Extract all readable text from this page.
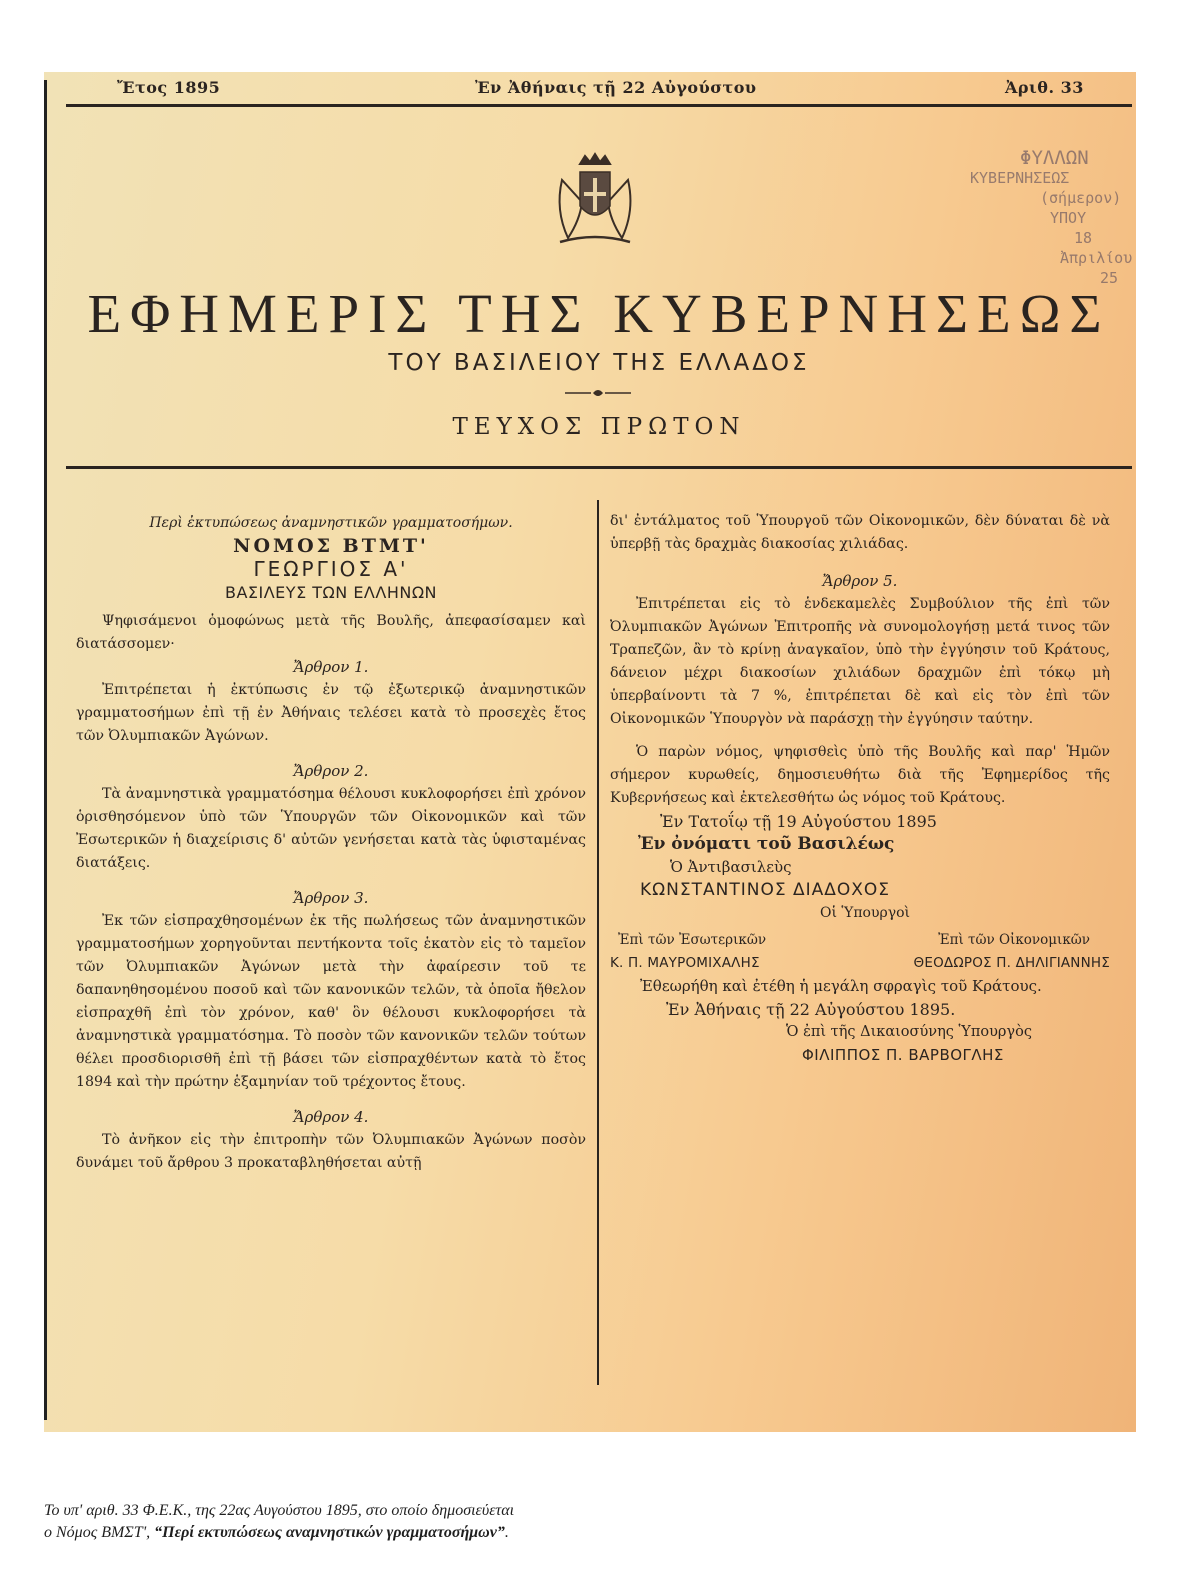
Ἔτος 1895	Ἐν Ἀθήναις τῇ 22 Αὐγούστου	Ἀριθ. 33
ΦΥΛΛΩΝ
ΚΥΒΕΡΝΗΣΕΩΣ
(σήμερον)
ΥΠΟΥ
18
Ἀπριλίου
25
ΕΦΗΜΕΡΙΣ ΤΗΣ ΚΥΒΕΡΝΗΣΕΩΣ
ΤΟΥ ΒΑΣΙΛΕΙΟΥ ΤΗΣ ΕΛΛΑΔΟΣ
ΤΕΥΧΟΣ ΠΡΩΤΟΝ

Περὶ ἐκτυπώσεως ἀναμνηστικῶν γραμματοσήμων.

ΝΟΜΟΣ ΒΤΜΤ'

ΓΕΩΡΓΙΟΣ Α'

ΒΑΣΙΛΕΥΣ ΤΩΝ ΕΛΛΗΝΩΝ

Ψηφισάμενοι ὁμοφώνως μετὰ τῆς Βουλῆς, ἀπεφασίσαμεν καὶ διατάσσομεν·

Ἄρθρον 1.

Ἐπιτρέπεται ἡ ἐκτύπωσις ἐν τῷ ἐξωτερικῷ ἀναμνηστικῶν γραμματοσήμων ἐπὶ τῇ ἐν Ἀθήναις τελέσει κατὰ τὸ προσεχὲς ἔτος τῶν Ὀλυμπιακῶν Ἀγώνων.

Ἄρθρον 2.

Τὰ ἀναμνηστικὰ γραμματόσημα θέλουσι κυκλοφορήσει ἐπὶ χρόνον ὁρισθησόμενον ὑπὸ τῶν Ὑπουργῶν τῶν Οἰκονομικῶν καὶ τῶν Ἐσωτερικῶν ἡ διαχείρισις δ' αὐτῶν γενήσεται κατὰ τὰς ὑφισταμένας διατάξεις.

Ἄρθρον 3.

Ἐκ τῶν εἰσπραχθησομένων ἐκ τῆς πωλήσεως τῶν ἀναμνηστικῶν γραμματοσήμων χορηγοῦνται πεντήκοντα τοῖς ἑκατὸν εἰς τὸ ταμεῖον τῶν Ὀλυμπιακῶν Ἀγώνων μετὰ τὴν ἀφαίρεσιν τοῦ τε δαπανηθησομένου ποσοῦ καὶ τῶν κανονικῶν τελῶν, τὰ ὁποῖα ἤθελον εἰσπραχθῆ ἐπὶ τὸν χρόνον, καθ' ὃν θέλουσι κυκλοφορήσει τὰ ἀναμνηστικὰ γραμματόσημα. Τὸ ποσὸν τῶν κανονικῶν τελῶν τούτων θέλει προσδιορισθῆ ἐπὶ τῇ βάσει τῶν εἰσπραχθέντων κατὰ τὸ ἔτος 1894 καὶ τὴν πρώτην ἑξαμηνίαν τοῦ τρέχοντος ἔτους.

Ἄρθρον 4.

Τὸ ἀνῆκον εἰς τὴν ἐπιτροπὴν τῶν Ὀλυμπιακῶν Ἀγώνων ποσὸν δυνάμει τοῦ ἄρθρου 3 προκαταβληθήσεται αὐτῇ

δι' ἐντάλματος τοῦ Ὑπουργοῦ τῶν Οἰκονομικῶν, δὲν δύναται δὲ νὰ ὑπερβῇ τὰς δραχμὰς διακοσίας χιλιάδας.

Ἄρθρον 5.

Ἐπιτρέπεται εἰς τὸ ἑνδεκαμελὲς Συμβούλιον τῆς ἐπὶ τῶν Ὀλυμπιακῶν Ἀγώνων Ἐπιτροπῆς νὰ συνομολογήσῃ μετά τινος τῶν Τραπεζῶν, ἂν τὸ κρίνῃ ἀναγκαῖον, ὑπὸ τὴν ἐγγύησιν τοῦ Κράτους, δάνειον μέχρι διακοσίων χιλιάδων δραχμῶν ἐπὶ τόκῳ μὴ ὑπερβαίνοντι τὰ 7 %, ἐπιτρέπεται δὲ καὶ εἰς τὸν ἐπὶ τῶν Οἰκονομικῶν Ὑπουργὸν νὰ παράσχῃ τὴν ἐγγύησιν ταύτην.

Ὁ παρὼν νόμος, ψηφισθεὶς ὑπὸ τῆς Βουλῆς καὶ παρ' Ἡμῶν σήμερον κυρωθείς, δημοσιευθήτω διὰ τῆς Ἐφημερίδος τῆς Κυβερνήσεως καὶ ἐκτελεσθήτω ὡς νόμος τοῦ Κράτους.

Ἐν Τατοΐῳ τῇ 19 Αὐγούστου 1895

Ἐν ὀνόματι τοῦ Βασιλέως

Ὁ Ἀντιβασιλεὺς

ΚΩΝΣΤΑΝΤΙΝΟΣ ΔΙΑΔΟΧΟΣ

Οἱ Ὑπουργοὶ

Ἐπὶ τῶν Ἐσωτερικῶν	Ἐπὶ τῶν Οἰκονομικῶν
Κ. Π. ΜΑΥΡΟΜΙΧΑΛΗΣ	ΘΕΟΔΩΡΟΣ Π. ΔΗΛΙΓΙΑΝΝΗΣ

Ἐθεωρήθη καὶ ἐτέθη ἡ μεγάλη σφραγὶς τοῦ Κράτους.

Ἐν Ἀθήναις τῇ 22 Αὐγούστου 1895.

Ὁ ἐπὶ τῆς Δικαιοσύνης Ὑπουργὸς

ΦΙΛΙΠΠΟΣ Π. ΒΑΡΒΟΓΛΗΣ

Το υπ' αριθ. 33 Φ.Ε.Κ., της 22ας Αυγούστου 1895, στο οποίο δημοσιεύεται
ο Νόμος ΒΜΣΤ', “Περί εκτυπώσεως αναμνηστικών γραμματοσήμων”.
